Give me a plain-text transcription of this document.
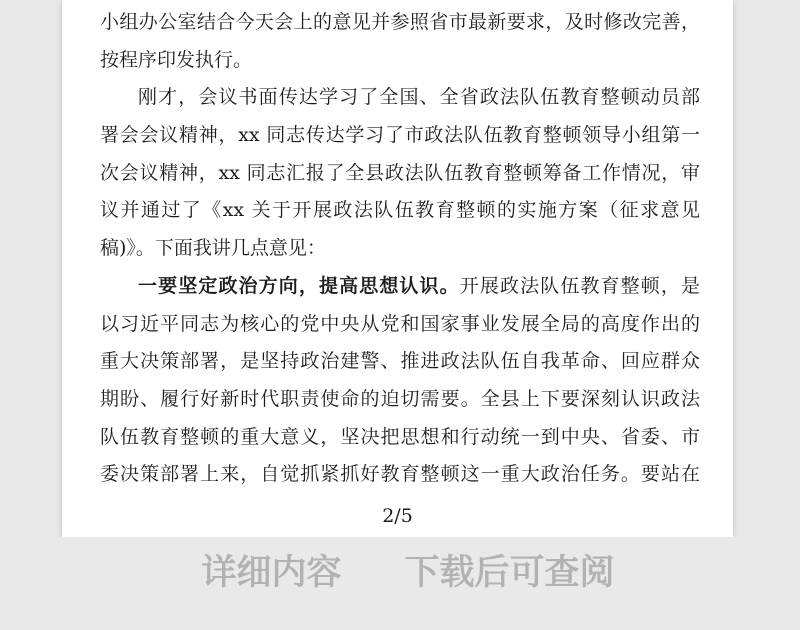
小组办公室结合今天会上的意见并参照省市最新要求，及时修改完善，
按程序印发执行。
刚才，会议书面传达学习了全国、全省政法队伍教育整顿动员部
署会会议精神，xx 同志传达学习了市政法队伍教育整顿领导小组第一
次会议精神，xx 同志汇报了全县政法队伍教育整顿筹备工作情况，审
议并通过了《xx 关于开展政法队伍教育整顿的实施方案（征求意见
稿)》。下面我讲几点意见：
一要坚定政治方向，提高思想认识。开展政法队伍教育整顿，是
以习近平同志为核心的党中央从党和国家事业发展全局的高度作出的
重大决策部署，是坚持政治建警、推进政法队伍自我革命、回应群众
期盼、履行好新时代职责使命的迫切需要。全县上下要深刻认识政法
队伍教育整顿的重大意义，坚决把思想和行动统一到中央、省委、市
委决策部署上来，自觉抓紧抓好教育整顿这一重大政治任务。要站在
2/5
详细内容 下载后可查阅
